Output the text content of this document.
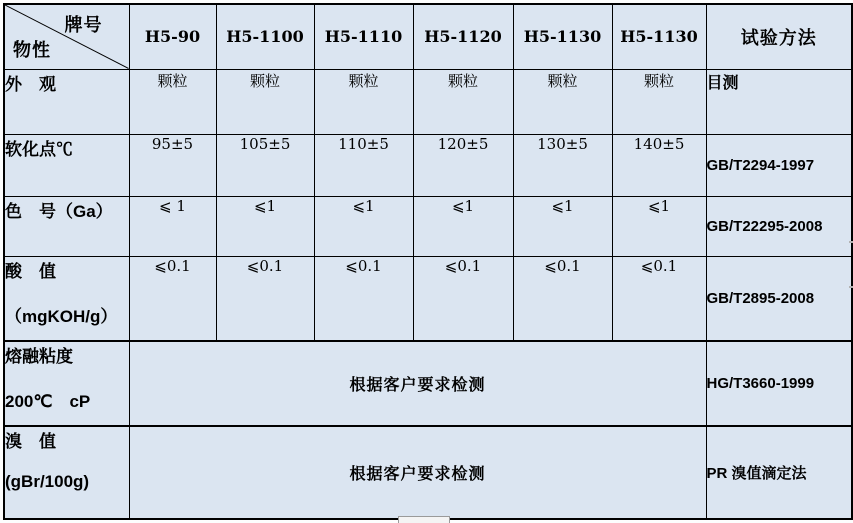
牌号
物性	H5-90	H5-1100	H5-1110	H5-1120	H5-1130	H5-1130	试验方法

外　观	颗粒	颗粒	颗粒	颗粒	颗粒	颗粒	目测

软化点℃	95±5	105±5	110±5	120±5	130±5	140±5	GB/T2294-1997

色　号（Ga）	⩽ 1	⩽1	⩽1	⩽1	⩽1	⩽1	GB/T22295-2008

酸　值
（mgKOH/g）	⩽0.1	⩽0.1	⩽0.1	⩽0.1	⩽0.1	⩽0.1	GB/T2895-2008

熔融粘度
200℃　cP	根据客户要求检测						HG/T3660-1999

溴　值
(gBr/100g)	根据客户要求检测						PR 溴值滴定法
